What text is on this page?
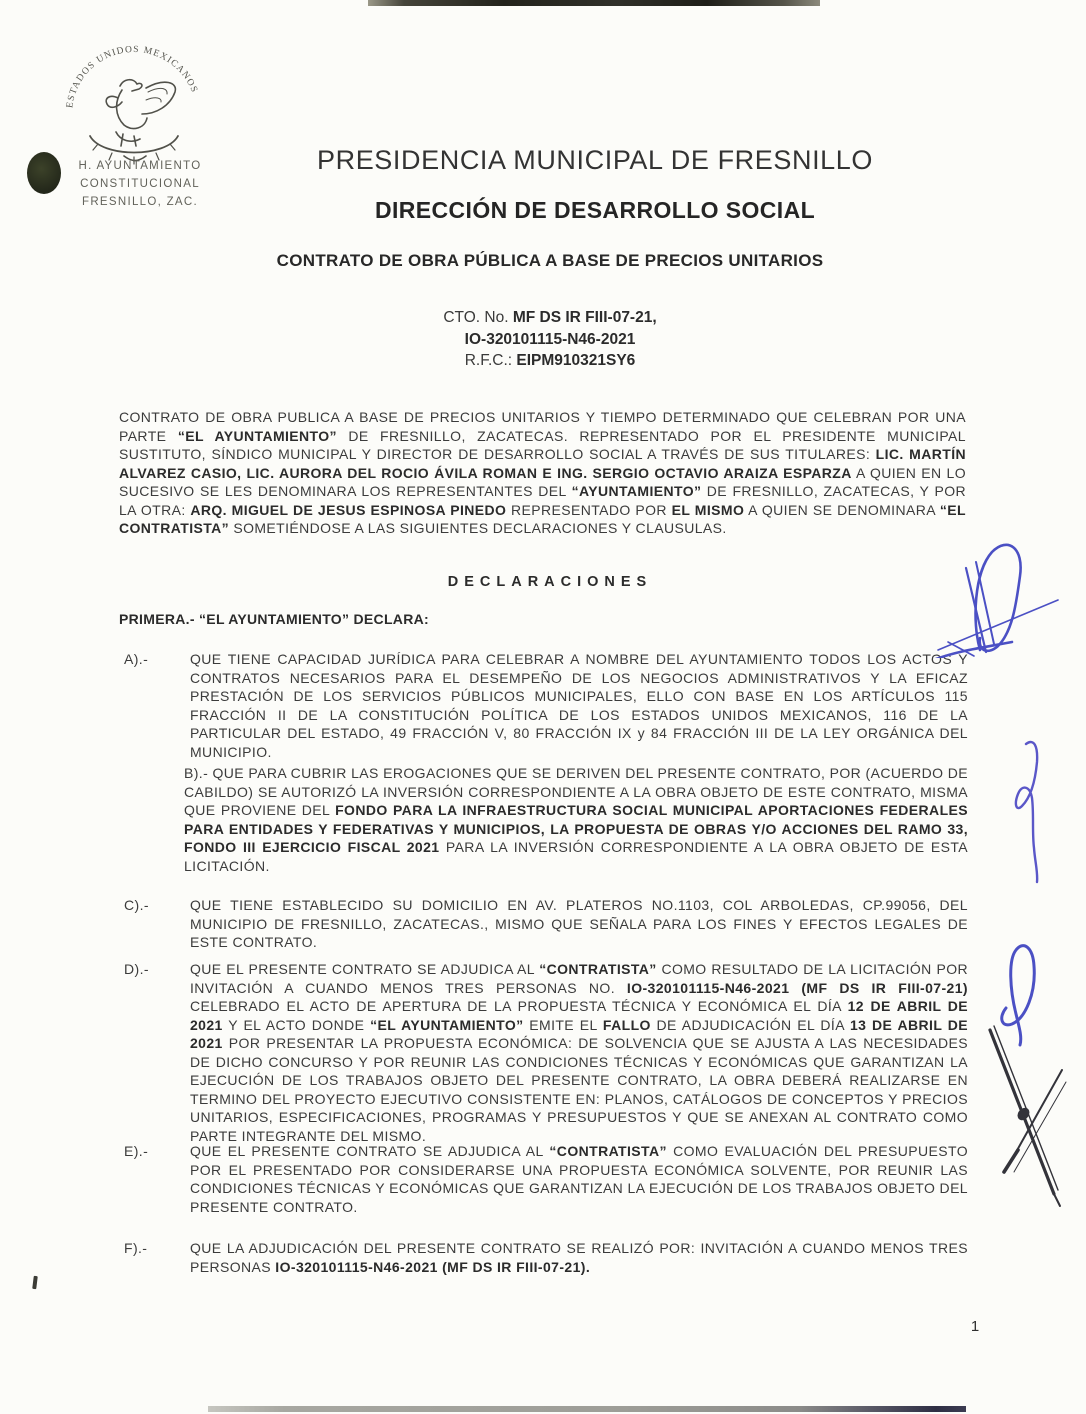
ESTADOS UNIDOS MEXICANOS
H. AYUNTAMIENTO
CONSTITUCIONAL
FRESNILLO, ZAC.
PRESIDENCIA MUNICIPAL DE FRESNILLO
DIRECCIÓN DE DESARROLLO SOCIAL
CONTRATO DE OBRA PÚBLICA A BASE DE PRECIOS UNITARIOS
CTO. No. MF DS IR FIII-07-21,
IO-320101115-N46-2021
R.F.C.: EIPM910321SY6
CONTRATO DE OBRA PUBLICA A BASE DE PRECIOS UNITARIOS Y TIEMPO DETERMINADO QUE CELEBRAN POR UNA PARTE “EL AYUNTAMIENTO” DE FRESNILLO, ZACATECAS. REPRESENTADO POR EL PRESIDENTE MUNICIPAL SUSTITUTO, SÍNDICO MUNICIPAL Y DIRECTOR DE DESARROLLO SOCIAL A TRAVÉS DE SUS TITULARES: LIC. MARTÍN ALVAREZ CASIO, LIC. AURORA DEL ROCIO ÁVILA ROMAN E ING. SERGIO OCTAVIO ARAIZA ESPARZA A QUIEN EN LO SUCESIVO SE LES DENOMINARA LOS REPRESENTANTES DEL “AYUNTAMIENTO” DE FRESNILLO, ZACATECAS, Y POR LA OTRA: ARQ. MIGUEL DE JESUS ESPINOSA PINEDO REPRESENTADO POR EL MISMO A QUIEN SE DENOMINARA “EL CONTRATISTA” SOMETIÉNDOSE A LAS SIGUIENTES DECLARACIONES Y CLAUSULAS.
DECLARACIONES
PRIMERA.- “EL AYUNTAMIENTO” DECLARA:
A).-	QUE TIENE CAPACIDAD JURÍDICA PARA CELEBRAR A NOMBRE DEL AYUNTAMIENTO TODOS LOS ACTOS Y CONTRATOS NECESARIOS PARA EL DESEMPEÑO DE LOS NEGOCIOS ADMINISTRATIVOS Y LA EFICAZ PRESTACIÓN DE LOS SERVICIOS PÚBLICOS MUNICIPALES, ELLO CON BASE EN LOS ARTÍCULOS 115 FRACCIÓN II DE LA CONSTITUCIÓN POLÍTICA DE LOS ESTADOS UNIDOS MEXICANOS, 116 DE LA PARTICULAR DEL ESTADO, 49 FRACCIÓN V, 80 FRACCIÓN IX y 84 FRACCIÓN III DE LA LEY ORGÁNICA DEL MUNICIPIO.
B).- QUE PARA CUBRIR LAS EROGACIONES QUE SE DERIVEN DEL PRESENTE CONTRATO, POR (ACUERDO DE CABILDO) SE AUTORIZÓ LA INVERSIÓN CORRESPONDIENTE A LA OBRA OBJETO DE ESTE CONTRATO, MISMA QUE PROVIENE DEL FONDO PARA LA INFRAESTRUCTURA SOCIAL MUNICIPAL APORTACIONES FEDERALES PARA ENTIDADES Y FEDERATIVAS Y MUNICIPIOS, LA PROPUESTA DE OBRAS Y/O ACCIONES DEL RAMO 33, FONDO III EJERCICIO FISCAL 2021 PARA LA INVERSIÓN CORRESPONDIENTE A LA OBRA OBJETO DE ESTA LICITACIÓN.
C).-	QUE TIENE ESTABLECIDO SU DOMICILIO EN AV. PLATEROS NO.1103, COL ARBOLEDAS, CP.99056, DEL MUNICIPIO DE FRESNILLO, ZACATECAS., MISMO QUE SEÑALA PARA LOS FINES Y EFECTOS LEGALES DE ESTE CONTRATO.
D).-	QUE EL PRESENTE CONTRATO SE ADJUDICA AL “CONTRATISTA” COMO RESULTADO DE LA LICITACIÓN POR INVITACIÓN A CUANDO MENOS TRES PERSONAS NO. IO-320101115-N46-2021 (MF DS IR FIII-07-21) CELEBRADO EL ACTO DE APERTURA DE LA PROPUESTA TÉCNICA Y ECONÓMICA EL DÍA 12 DE ABRIL DE 2021 Y EL ACTO DONDE “EL AYUNTAMIENTO” EMITE EL FALLO DE ADJUDICACIÓN EL DÍA 13 DE ABRIL DE 2021 POR PRESENTAR LA PROPUESTA ECONÓMICA: DE SOLVENCIA QUE SE AJUSTA A LAS NECESIDADES DE DICHO CONCURSO Y POR REUNIR LAS CONDICIONES TÉCNICAS Y ECONÓMICAS QUE GARANTIZAN LA EJECUCIÓN DE LOS TRABAJOS OBJETO DEL PRESENTE CONTRATO, LA OBRA DEBERÁ REALIZARSE EN TERMINO DEL PROYECTO EJECUTIVO CONSISTENTE EN: PLANOS, CATÁLOGOS DE CONCEPTOS Y PRECIOS UNITARIOS, ESPECIFICACIONES, PROGRAMAS Y PRESUPUESTOS Y QUE SE ANEXAN AL CONTRATO COMO PARTE INTEGRANTE DEL MISMO.
E).-	QUE EL PRESENTE CONTRATO SE ADJUDICA AL “CONTRATISTA” COMO EVALUACIÓN DEL PRESUPUESTO POR EL PRESENTADO POR CONSIDERARSE UNA PROPUESTA ECONÓMICA SOLVENTE, POR REUNIR LAS CONDICIONES TÉCNICAS Y ECONÓMICAS QUE GARANTIZAN LA EJECUCIÓN DE LOS TRABAJOS OBJETO DEL PRESENTE CONTRATO.
F).-	QUE LA ADJUDICACIÓN DEL PRESENTE CONTRATO SE REALIZÓ POR: INVITACIÓN A CUANDO MENOS TRES PERSONAS IO-320101115-N46-2021 (MF DS IR FIII-07-21).
1
